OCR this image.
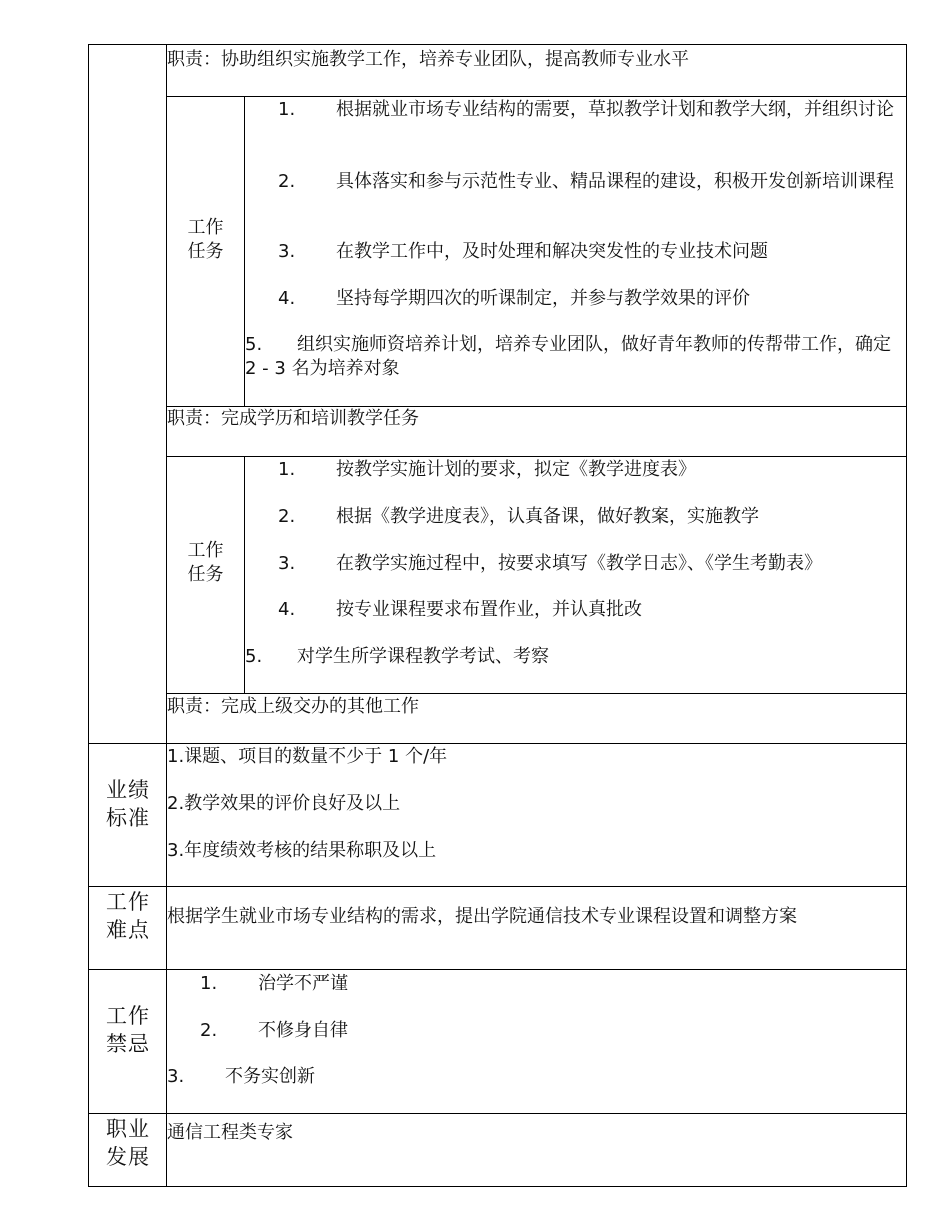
职责：协助组织实施教学工作，培养专业团队，提高教师专业水平
工作任务
1. 根据就业市场专业结构的需要，草拟教学计划和教学大纲，并组织讨论
2. 具体落实和参与示范性专业、精品课程的建设，积极开发创新培训课程
3. 在教学工作中，及时处理和解决突发性的专业技术问题
4. 坚持每学期四次的听课制定，并参与教学效果的评价
5. 组织实施师资培养计划，培养专业团队，做好青年教师的传帮带工作，确定 2 - 3 名为培养对象
职责：完成学历和培训教学任务
工作任务
1. 按教学实施计划的要求，拟定《教学进度表》
2. 根据《教学进度表》，认真备课，做好教案，实施教学
3. 在教学实施过程中，按要求填写《教学日志》、《学生考勤表》
4. 按专业课程要求布置作业，并认真批改
5. 对学生所学课程教学考试、考察
职责：完成上级交办的其他工作
业绩标准
1.课题、项目的数量不少于 1 个/年
2.教学效果的评价良好及以上
3.年度绩效考核的结果称职及以上
工作难点
根据学生就业市场专业结构的需求，提出学院通信技术专业课程设置和调整方案
工作禁忌
1. 治学不严谨
2. 不修身自律
3. 不务实创新
职业发展
通信工程类专家
